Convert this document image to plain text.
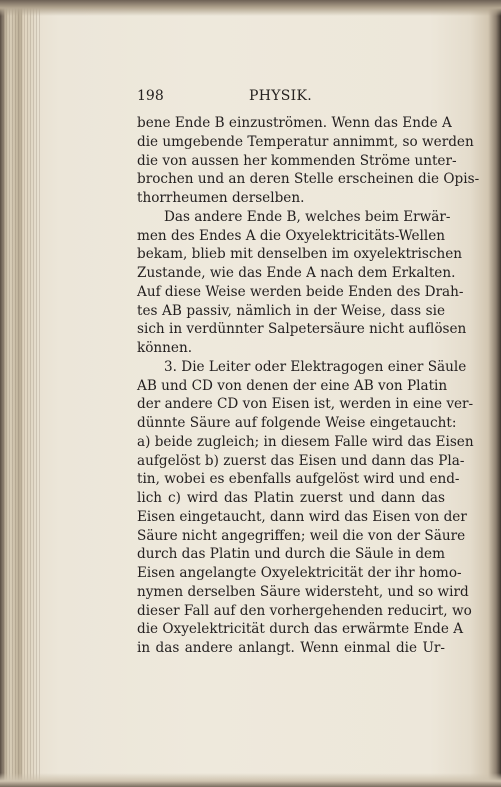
198	PHYSIK.
bene Ende B einzuströmen. Wenn das Ende A
die umgebende Temperatur annimmt, so werden
die von aussen her kommenden Ströme unter-
brochen und an deren Stelle erscheinen die Opis-
thorrheumen derselben.
Das andere Ende B, welches beim Erwär-
men des Endes A die Oxyelektricitäts-Wellen
bekam, blieb mit denselben im oxyelektrischen
Zustande, wie das Ende A nach dem Erkalten.
Auf diese Weise werden beide Enden des Drah-
tes AB passiv, nämlich in der Weise, dass sie
sich in verdünnter Salpetersäure nicht auflösen
können.
3. Die Leiter oder Elektragogen einer Säule
AB und CD von denen der eine AB von Platin
der andere CD von Eisen ist, werden in eine ver-
dünnte Säure auf folgende Weise eingetaucht:
a) beide zugleich; in diesem Falle wird das Eisen
aufgelöst b) zuerst das Eisen und dann das Pla-
tin, wobei es ebenfalls aufgelöst wird und end-
lich c) wird das Platin zuerst und dann das
Eisen eingetaucht, dann wird das Eisen von der
Säure nicht angegriffen; weil die von der Säure
durch das Platin und durch die Säule in dem
Eisen angelangte Oxyelektricität der ihr homo-
nymen derselben Säure widersteht, und so wird
dieser Fall auf den vorhergehenden reducirt, wo
die Oxyelektricität durch das erwärmte Ende A
in das andere anlangt. Wenn einmal die Ur-
